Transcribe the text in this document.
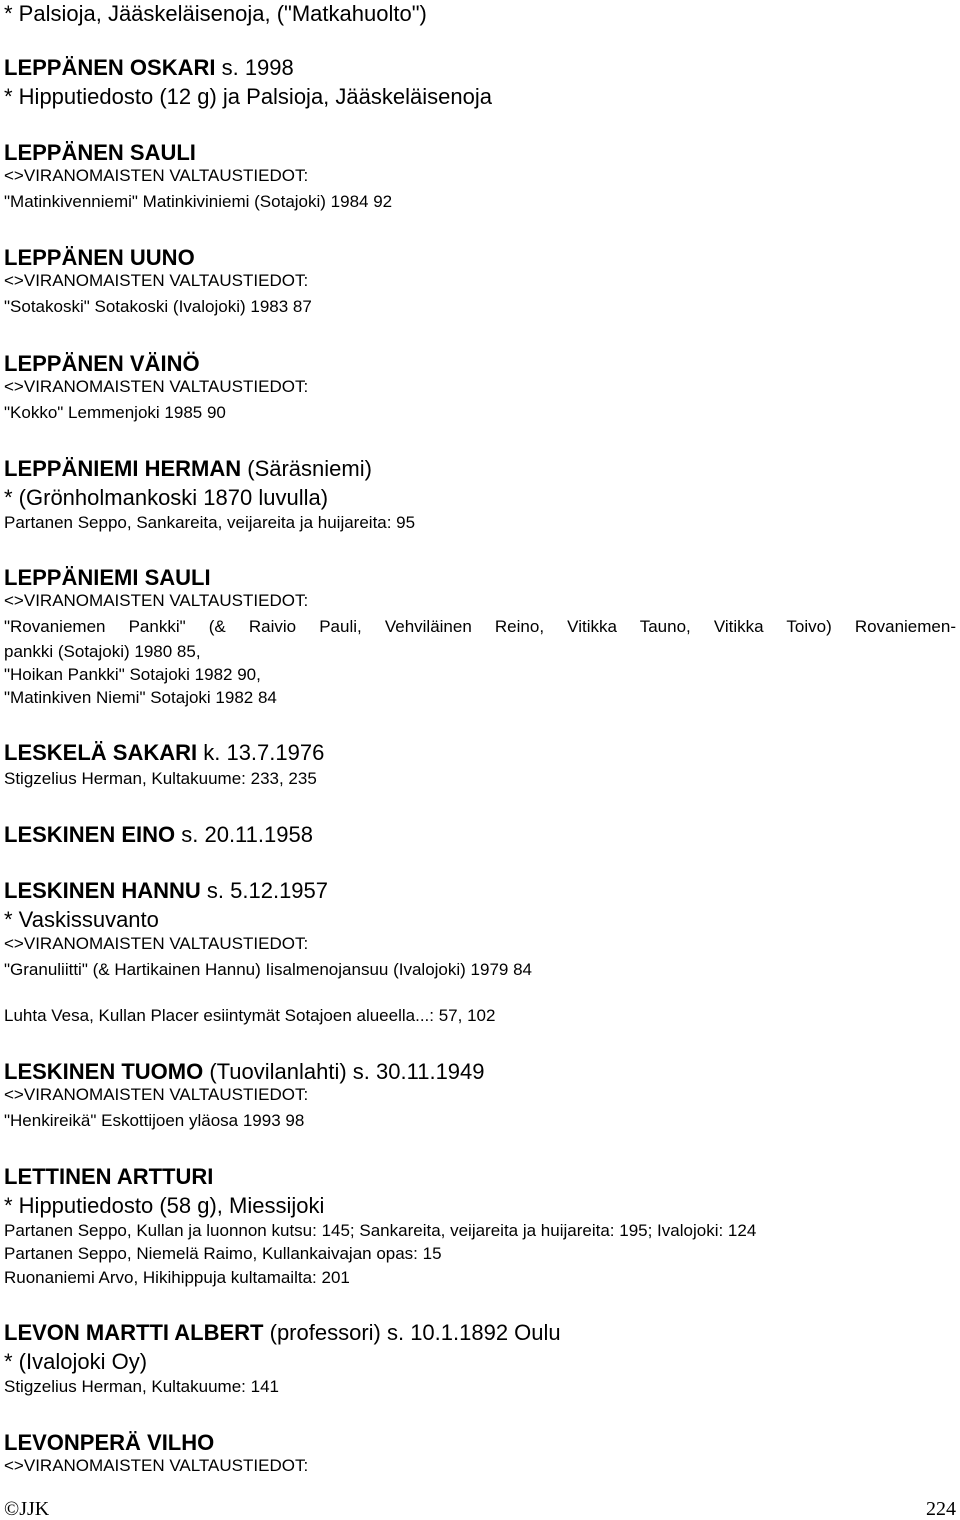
* Palsioja, Jääskeläisenoja, ("Matkahuolto")
LEPPÄNEN OSKARI s. 1998
* Hipputiedosto (12 g) ja Palsioja, Jääskeläisenoja
LEPPÄNEN SAULI
<>VIRANOMAISTEN VALTAUSTIEDOT:
"Matinkivenniemi" Matinkiviniemi (Sotajoki) 1984 92
LEPPÄNEN UUNO
<>VIRANOMAISTEN VALTAUSTIEDOT:
"Sotakoski" Sotakoski (Ivalojoki) 1983 87
LEPPÄNEN VÄINÖ
<>VIRANOMAISTEN VALTAUSTIEDOT:
"Kokko" Lemmenjoki 1985 90
LEPPÄNIEMI HERMAN (Säräsniemi)
* (Grönholmankoski 1870 luvulla)
Partanen Seppo, Sankareita, veijareita ja huijareita: 95
LEPPÄNIEMI SAULI
<>VIRANOMAISTEN VALTAUSTIEDOT:
"Rovaniemen Pankki" (& Raivio Pauli, Vehviläinen Reino, Vitikka Tauno, Vitikka Toivo) Rovaniemen-
pankki (Sotajoki) 1980 85,
"Hoikan Pankki" Sotajoki 1982 90,
"Matinkiven Niemi" Sotajoki 1982 84
LESKELÄ SAKARI k. 13.7.1976
Stigzelius Herman, Kultakuume: 233, 235
LESKINEN EINO s. 20.11.1958
LESKINEN HANNU s. 5.12.1957
* Vaskissuvanto
<>VIRANOMAISTEN VALTAUSTIEDOT:
"Granuliitti" (& Hartikainen Hannu) Iisalmenojansuu (Ivalojoki) 1979 84
Luhta Vesa, Kullan Placer esiintymät Sotajoen alueella...: 57, 102
LESKINEN TUOMO (Tuovilanlahti) s. 30.11.1949
<>VIRANOMAISTEN VALTAUSTIEDOT:
"Henkireikä" Eskottijoen yläosa 1993 98
LETTINEN ARTTURI
* Hipputiedosto (58 g), Miessijoki
Partanen Seppo, Kullan ja luonnon kutsu: 145; Sankareita, veijareita ja huijareita: 195; Ivalojoki: 124
Partanen Seppo, Niemelä Raimo, Kullankaivajan opas: 15
Ruonaniemi Arvo, Hikihippuja kultamailta: 201
LEVON MARTTI ALBERT (professori) s. 10.1.1892 Oulu
* (Ivalojoki Oy)
Stigzelius Herman, Kultakuume: 141
LEVONPERÄ VILHO
<>VIRANOMAISTEN VALTAUSTIEDOT:
©JJK	224
